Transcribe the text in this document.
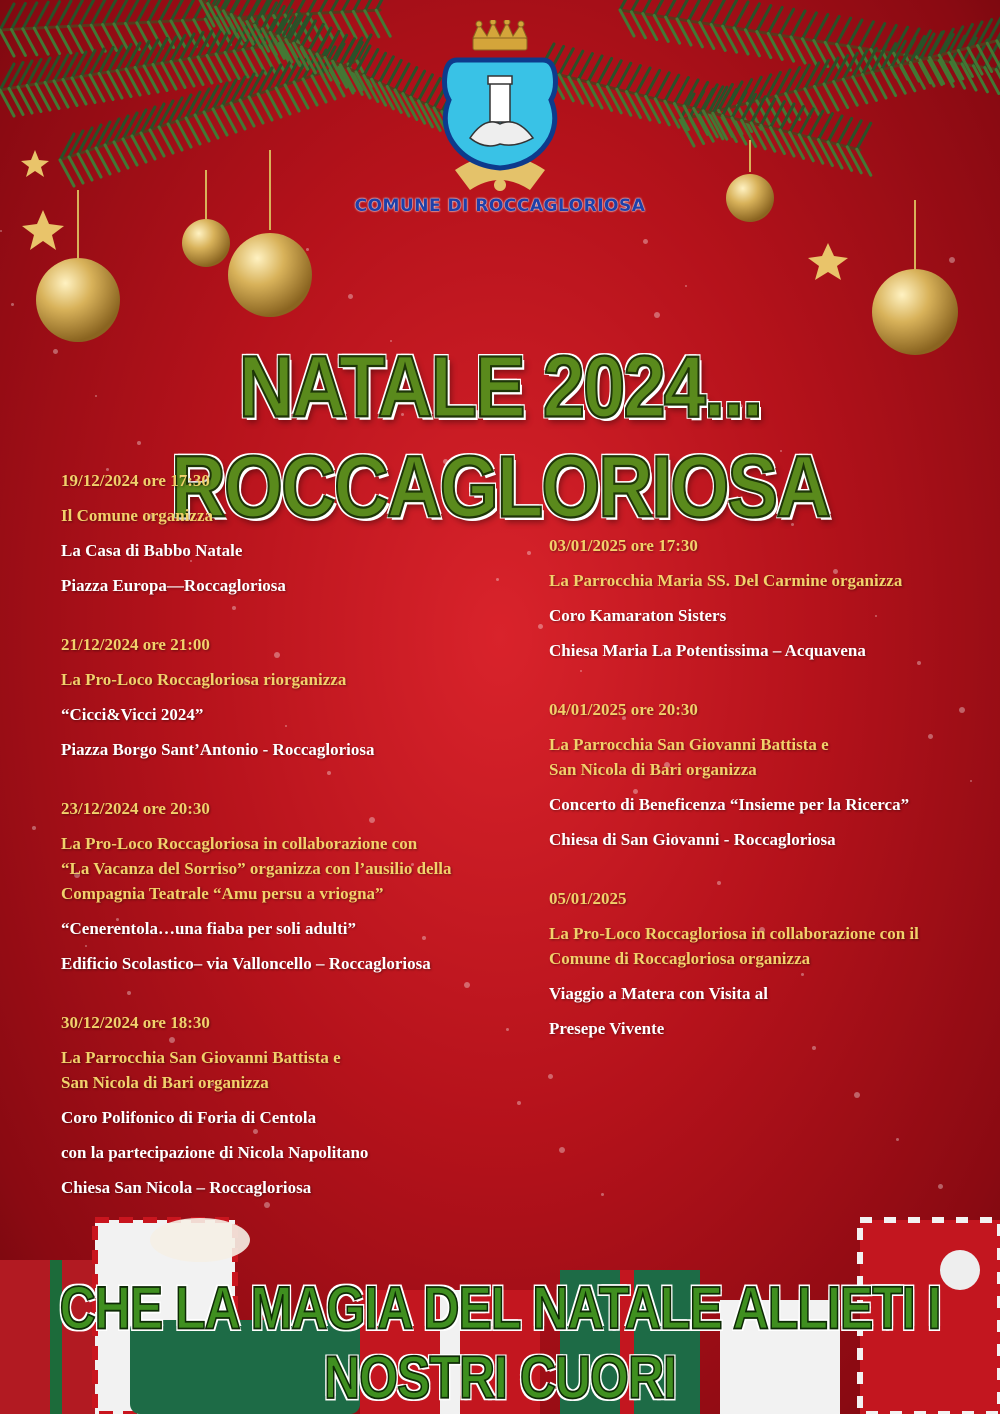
COMUNE DI ROCCAGLORIOSA
NATALE 2024... ROCCAGLORIOSA
19/12/2024 ore 17:30
Il Comune organizza
La Casa di Babbo Natale
Piazza Europa—Roccagloriosa
21/12/2024 ore 21:00
La Pro-Loco Roccagloriosa riorganizza
“Cicci&Vicci 2024”
Piazza Borgo Sant’Antonio - Roccagloriosa
23/12/2024 ore 20:30
La Pro-Loco Roccagloriosa in collaborazione con
“La Vacanza del Sorriso” organizza con l’ausilio della
Compagnia Teatrale “Amu persu a vriogna”
“Cenerentola…una fiaba per soli adulti”
Edificio Scolastico– via Valloncello – Roccagloriosa
30/12/2024 ore 18:30
La Parrocchia San Giovanni Battista e
San Nicola di Bari organizza
Coro Polifonico di Foria di Centola
con la partecipazione di Nicola Napolitano
Chiesa San Nicola – Roccagloriosa
03/01/2025 ore 17:30
La Parrocchia Maria SS. Del Carmine organizza
Coro Kamaraton Sisters
Chiesa Maria La Potentissima – Acquavena
04/01/2025 ore 20:30
La Parrocchia San Giovanni Battista e
San Nicola di Bari organizza
Concerto di Beneficenza “Insieme per la Ricerca”
Chiesa di San Giovanni - Roccagloriosa
05/01/2025
La Pro-Loco Roccagloriosa in collaborazione con il
Comune di Roccagloriosa organizza
Viaggio a Matera con Visita al
Presepe Vivente
CHE LA MAGIA DEL NATALE ALLIETI I NOSTRI CUORI
